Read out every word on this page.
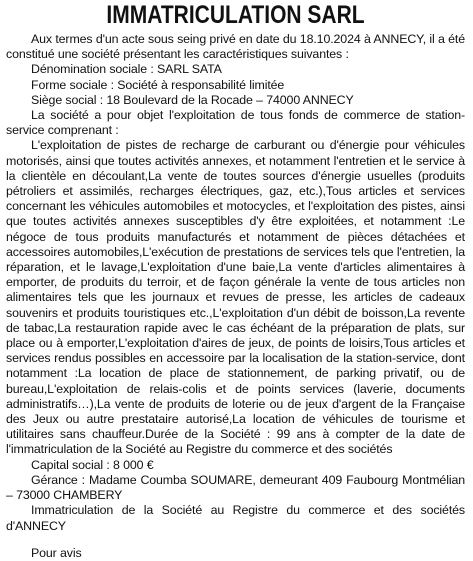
IMMATRICULATION SARL

Aux termes d'un acte sous seing privé en date du 18.10.2024 à ANNECY, il a été constitué une société présentant les caractéristiques suivantes :

Dénomination sociale : SARL SATA

Forme sociale : Société à responsabilité limitée

Siège social : 18 Boulevard de la Rocade – 74000 ANNECY

La société a pour objet l'exploitation de tous fonds de commerce de station-service comprenant :

L'exploitation de pistes de recharge de carburant ou d'énergie pour véhicules motorisés, ainsi que toutes activités annexes, et notamment l'entretien et le service à la clientèle en découlant,La vente de toutes sources d'énergie usuelles (produits pétroliers et assimilés, recharges électriques, gaz, etc.),Tous articles et services concernant les véhicules automobiles et motocycles, et l'exploitation des pistes, ainsi que toutes activités annexes susceptibles d'y être exploitées, et notamment :Le négoce de tous produits manufacturés et notamment de pièces détachées et accessoires automobiles,L'exécution de prestations de services tels que l'entretien, la réparation, et le lavage,L'exploitation d'une baie,La vente d'articles alimentaires à emporter, de produits du terroir, et de façon générale la vente de tous articles non alimentaires tels que les journaux et revues de presse, les articles de cadeaux souvenirs et produits touristiques etc.,L'exploitation d'un débit de boisson,La revente de tabac,La restauration rapide avec le cas échéant de la préparation de plats, sur place ou à emporter,L'exploitation d'aires de jeux, de points de loisirs,Tous articles et services rendus possibles en accessoire par la localisation de la station-service, dont notamment :La location de place de stationnement, de parking privatif, ou de bureau,L'exploitation de relais-colis et de points services (laverie, documents administratifs…),La vente de produits de loterie ou de jeux d'argent de la Française des Jeux ou autre prestataire autorisé,La location de véhicules de tourisme et utilitaires sans chauffeur.Durée de la Société : 99 ans à compter de la date de l'immatriculation de la Société au Registre du commerce et des sociétés

Capital social : 8 000 €

Gérance : Madame Coumba SOUMARE, demeurant 409 Faubourg Montmélian – 73000 CHAMBERY

Immatriculation de la Société au Registre du commerce et des sociétés d'ANNECY

Pour avis
